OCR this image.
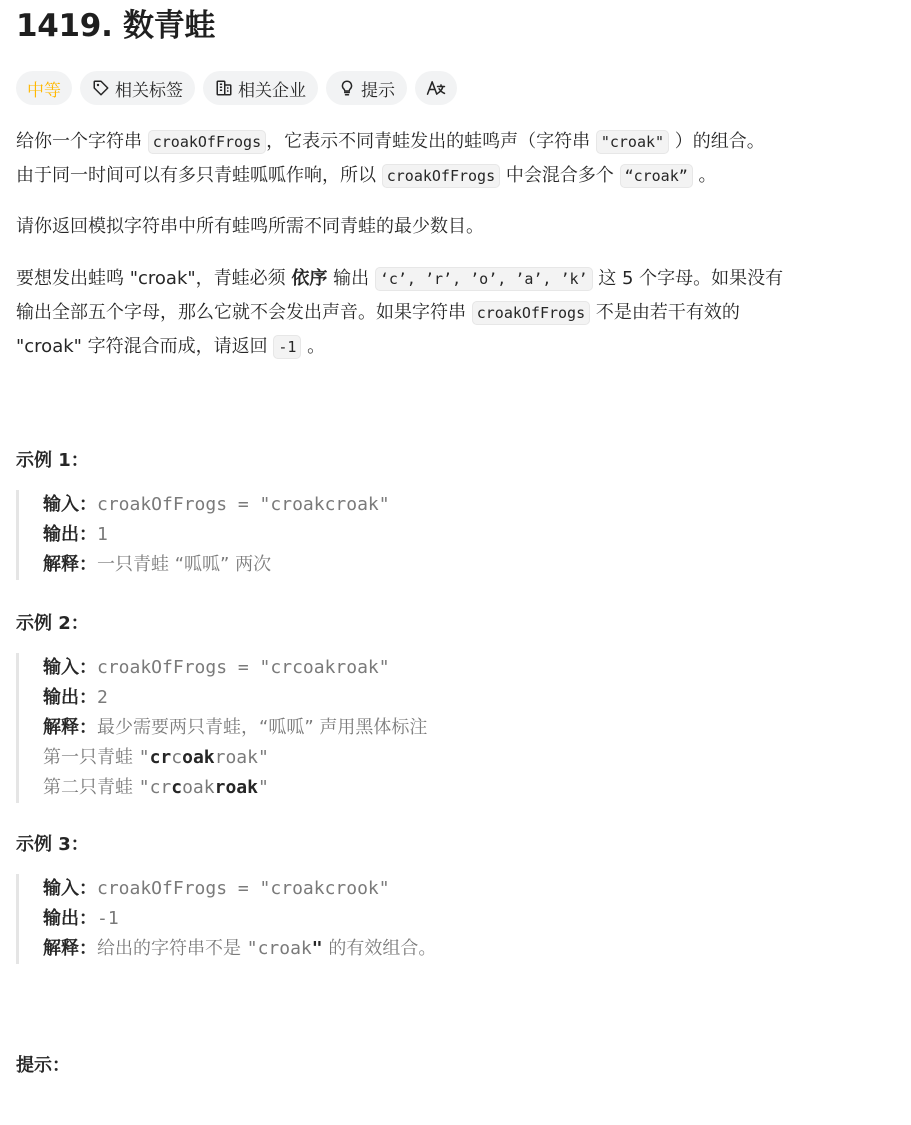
1419. 数青蛙
中等	相关标签	相关企业	提示

给你一个字符串 croakOfFrogs ，它表示不同青蛙发出的蛙鸣声（字符串 "croak" ）的组合。
由于同一时间可以有多只青蛙呱呱作响，所以 croakOfFrogs 中会混合多个 “croak” 。

请你返回模拟字符串中所有蛙鸣所需不同青蛙的最少数目。

要想发出蛙鸣 "croak"，青蛙必须 依序 输出 ‘c’, ’r’, ’o’, ’a’, ’k’ 这 5 个字母。如果没有
输出全部五个字母，那么它就不会发出声音。如果字符串 croakOfFrogs 不是由若干有效的
"croak" 字符混合而成，请返回 -1 。

示例 1：

输入：croakOfFrogs = "croakcroak"
输出：1
解释：一只青蛙 “呱呱” 两次

示例 2：

输入：croakOfFrogs = "crcoakroak"
输出：2
解释：最少需要两只青蛙，“呱呱” 声用黑体标注
第一只青蛙 "crcoakroak"
第二只青蛙 "crcoakroak"

示例 3：

输入：croakOfFrogs = "croakcrook"
输出：-1
解释：给出的字符串不是 "croak" 的有效组合。

提示：
